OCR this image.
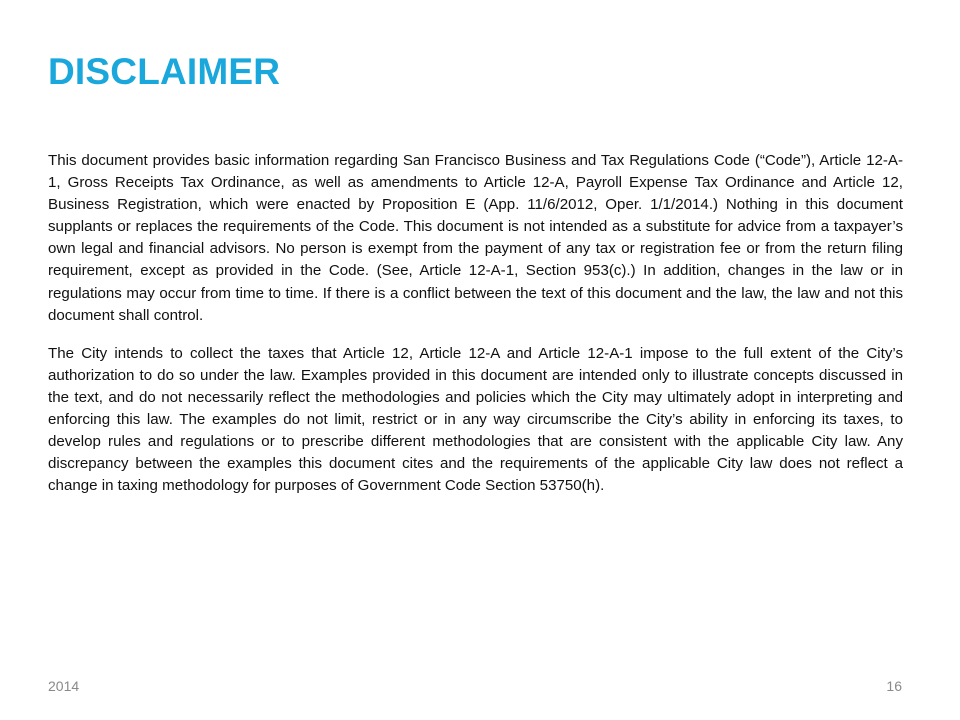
DISCLAIMER

This document provides basic information regarding San Francisco Business and Tax Regulations Code (“Code”), Article 12-A-1, Gross Receipts Tax Ordinance, as well as amendments to Article 12-A, Payroll Expense Tax Ordinance and Article 12, Business Registration, which were enacted by Proposition E (App. 11/6/2012, Oper. 1/1/2014.) Nothing in this document supplants or replaces the requirements of the Code. This document is not intended as a substitute for advice from a taxpayer’s own legal and financial advisors. No person is exempt from the payment of any tax or registration fee or from the return filing requirement, except as provided in the Code. (See, Article 12-A-1, Section 953(c).) In addition, changes in the law or in regulations may occur from time to time. If there is a conflict between the text of this document and the law, the law and not this document shall control.

The City intends to collect the taxes that Article 12, Article 12-A and Article 12-A-1 impose to the full extent of the City’s authorization to do so under the law. Examples provided in this document are intended only to illustrate concepts discussed in the text, and do not necessarily reflect the methodologies and policies which the City may ultimately adopt in interpreting and enforcing this law. The examples do not limit, restrict or in any way circumscribe the City’s ability in enforcing its taxes, to develop rules and regulations or to prescribe different methodologies that are consistent with the applicable City law. Any discrepancy between the examples this document cites and the requirements of the applicable City law does not reflect a change in taxing methodology for purposes of Government Code Section 53750(h).

2014	16
